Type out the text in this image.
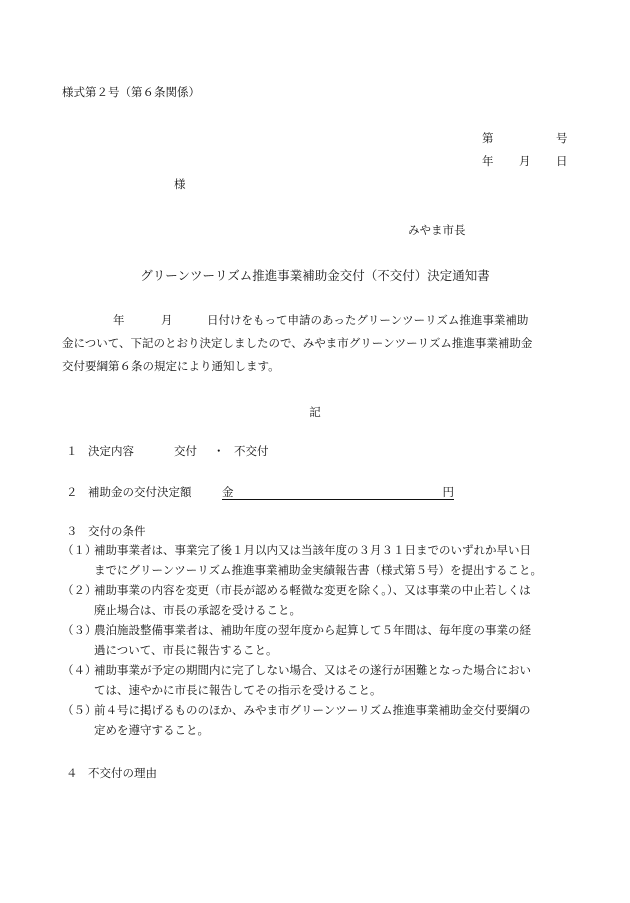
様式第２号（第６条関係）
第	号
年 月 日
様
みやま市長
グリーンツーリズム推進事業補助金交付（不交付）決定通知書
年	月	日付けをもって申請のあったグリーンツーリズム推進事業補助
金について、下記のとおり決定しましたので、みやま市グリーンツーリズム推進事業補助金
交付要綱第６条の規定により通知します。
記
１ 決定内容	交付 ・ 不交付
２ 補助金の交付決定額	金	円
３ 交付の条件
（１）
補助事業者は、事業完了後１月以内又は当該年度の３月３１日までのいずれか早い日
までにグリーンツーリズム推進事業補助金実績報告書（様式第５号）を提出すること。
（２）
補助事業の内容を変更（市長が認める軽微な変更を除く。）、又は事業の中止若しくは
廃止場合は、市長の承認を受けること。
（３）
農泊施設整備事業者は、補助年度の翌年度から起算して５年間は、毎年度の事業の経
過について、市長に報告すること。
（４）
補助事業が予定の期間内に完了しない場合、又はその遂行が困難となった場合におい
ては、速やかに市長に報告してその指示を受けること。
（５）
前４号に掲げるもののほか、みやま市グリーンツーリズム推進事業補助金交付要綱の
定めを遵守すること。
４ 不交付の理由
